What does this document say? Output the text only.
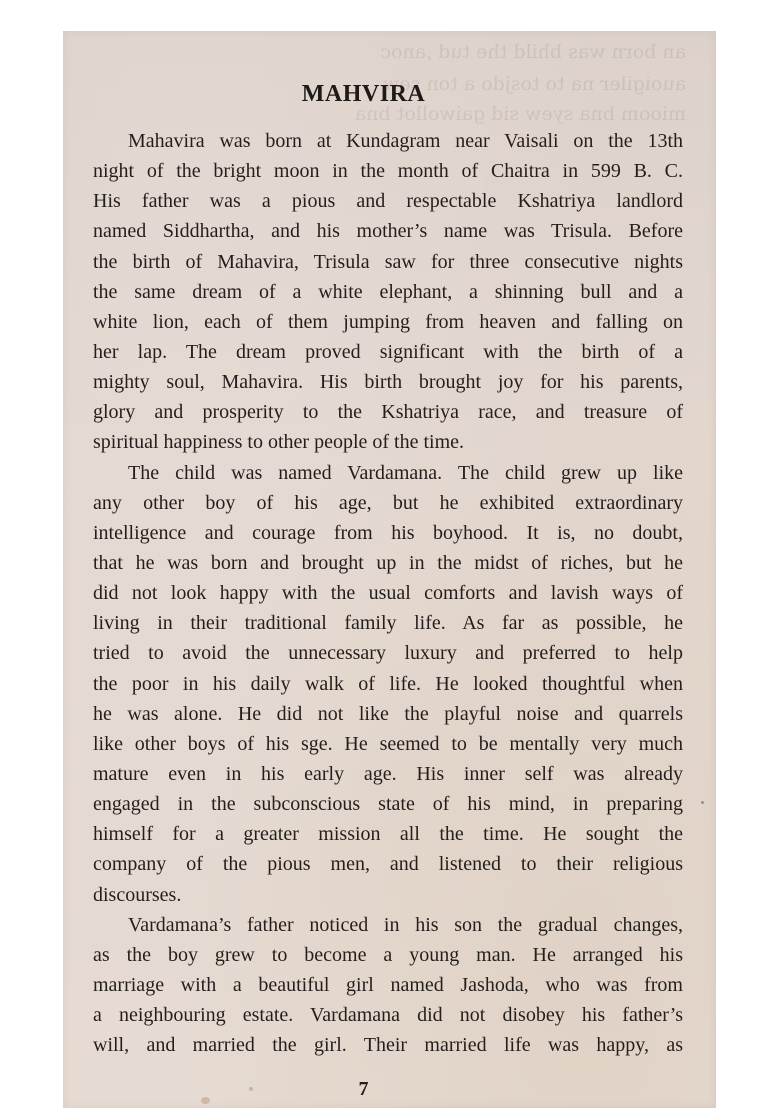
an born was bhild the tud ,anoc
auoigiler na to tosjdo a ton sew
mioom bna syew sid gaiwollot bna
MAHVIRA
Mahavira was born at Kundagram near Vaisali on the 13th
night of the bright moon in the month of Chaitra in 599 B. C.
His father was a pious and respectable Kshatriya landlord
named Siddhartha, and his mother’s name was Trisula. Before
the birth of Mahavira, Trisula saw for three consecutive nights
the same dream of a white elephant, a shinning bull and a
white lion, each of them jumping from heaven and falling on
her lap. The dream proved significant with the birth of a
mighty soul, Mahavira. His birth brought joy for his parents,
glory and prosperity to the Kshatriya race, and treasure of
spiritual happiness to other people of the time.
The child was named Vardamana. The child grew up like
any other boy of his age, but he exhibited extraordinary
intelligence and courage from his boyhood. It is, no doubt,
that he was born and brought up in the midst of riches, but he
did not look happy with the usual comforts and lavish ways of
living in their traditional family life. As far as possible, he
tried to avoid the unnecessary luxury and preferred to help
the poor in his daily walk of life. He looked thoughtful when
he was alone. He did not like the playful noise and quarrels
like other boys of his sge. He seemed to be mentally very much
mature even in his early age. His inner self was already
engaged in the subconscious state of his mind, in preparing
himself for a greater mission all the time. He sought the
company of the pious men, and listened to their religious
discourses.
Vardamana’s father noticed in his son the gradual changes,
as the boy grew to become a young man. He arranged his
marriage with a beautiful girl named Jashoda, who was from
a neighbouring estate. Vardamana did not disobey his father’s
will, and married the girl. Their married life was happy, as
7
